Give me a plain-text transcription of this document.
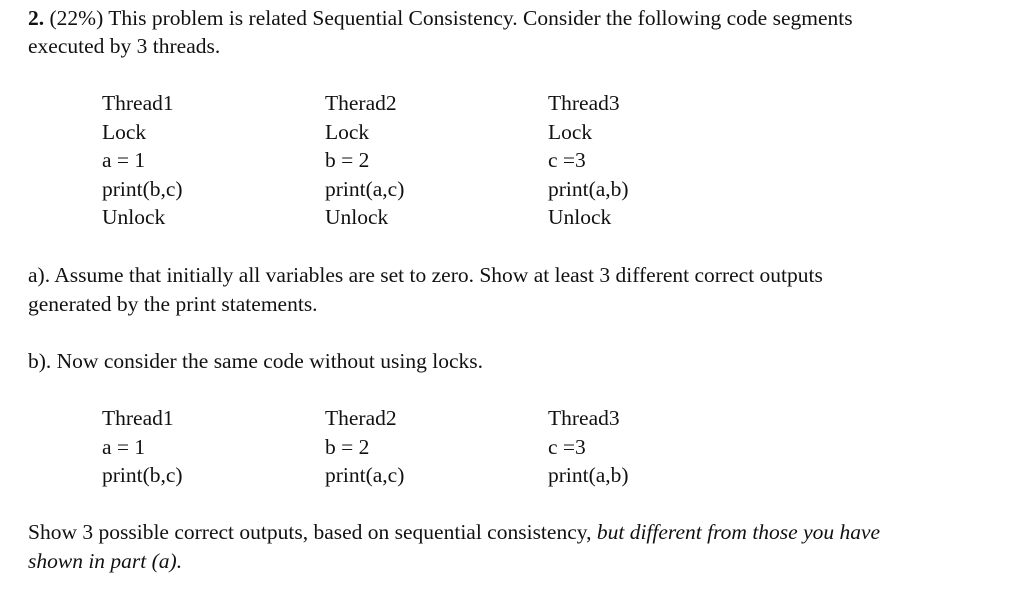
2. (22%) This problem is related Sequential Consistency. Consider the following code segments
executed by 3 threads.
Thread1
Lock
a = 1
print(b,c)
Unlock
Therad2
Lock
b = 2
print(a,c)
Unlock
Thread3
Lock
c =3
print(a,b)
Unlock
a). Assume that initially all variables are set to zero. Show at least 3 different correct outputs
generated by the print statements.
b). Now consider the same code without using locks.
Thread1
a = 1
print(b,c)
Therad2
b = 2
print(a,c)
Thread3
c =3
print(a,b)
Show 3 possible correct outputs, based on sequential consistency, but different from those you have
shown in part (a).
